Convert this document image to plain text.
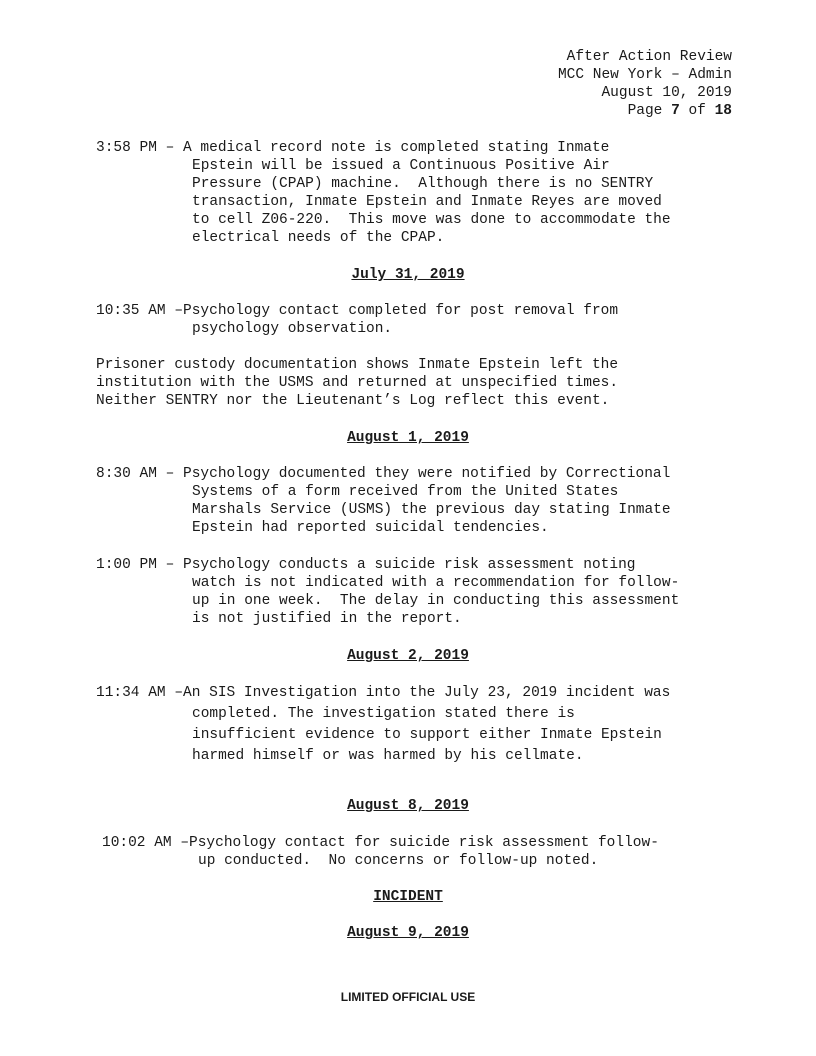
After Action Review
MCC New York – Admin
August 10, 2019
Page 7 of 18
3:58 PM – A medical record note is completed stating Inmate
Epstein will be issued a Continuous Positive Air
Pressure (CPAP) machine.  Although there is no SENTRY
transaction, Inmate Epstein and Inmate Reyes are moved
to cell Z06-220.  This move was done to accommodate the
electrical needs of the CPAP.
July 31, 2019
10:35 AM –Psychology contact completed for post removal from
psychology observation.
Prisoner custody documentation shows Inmate Epstein left the
institution with the USMS and returned at unspecified times.
Neither SENTRY nor the Lieutenant’s Log reflect this event.
August 1, 2019
8:30 AM – Psychology documented they were notified by Correctional
Systems of a form received from the United States
Marshals Service (USMS) the previous day stating Inmate
Epstein had reported suicidal tendencies.
1:00 PM – Psychology conducts a suicide risk assessment noting
watch is not indicated with a recommendation for follow-
up in one week.  The delay in conducting this assessment
is not justified in the report.
August 2, 2019
11:34 AM –An SIS Investigation into the July 23, 2019 incident was
completed. The investigation stated there is
insufficient evidence to support either Inmate Epstein
harmed himself or was harmed by his cellmate.
August 8, 2019
10:02 AM –Psychology contact for suicide risk assessment follow-
up conducted.  No concerns or follow-up noted.
INCIDENT
August 9, 2019
LIMITED OFFICIAL USE
